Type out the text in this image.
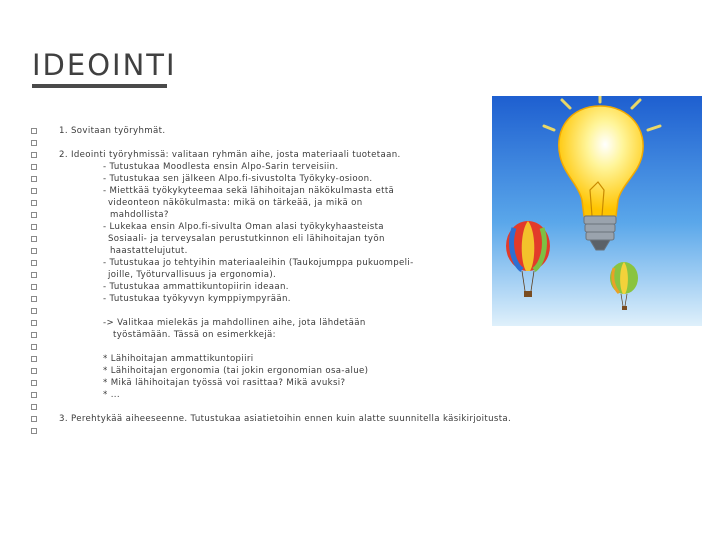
IDEOINTI
1. Sovitaan työryhmät.
2. Ideointi työryhmissä: valitaan ryhmän aihe, josta materiaali tuotetaan.
- Tutustukaa Moodlesta ensin Alpo-Sarin terveisiin.
- Tutustukaa sen jälkeen Alpo.fi-sivustolta Työkyky-osioon.
- Miettkää työkykyteemaa sekä lähihoitajan näkökulmasta että
videonteon näkökulmasta: mikä on tärkeää, ja mikä on
mahdollista?
- Lukekaa ensin Alpo.fi-sivulta Oman alasi työkykyhaasteista
Sosiaali- ja terveysalan perustutkinnon eli lähihoitajan työn
haastattelujutut.
- Tutustukaa jo tehtyihin materiaaleihin (Taukojumppa pukuompeli-
joille, Työturvallisuus ja ergonomia).
- Tutustukaa ammattikuntopiirin ideaan.
- Tutustukaa työkyvyn kymppiympyrään.
-> Valitkaa mielekäs ja mahdollinen aihe, jota lähdetään
työstämään. Tässä on esimerkkejä:
* Lähihoitajan ammattikuntopiiri
* Lähihoitajan ergonomia (tai jokin ergonomian osa-alue)
* Mikä lähihoitajan työssä voi rasittaa? Mikä avuksi?
* ...
3. Perehtykää aiheeseenne. Tutustukaa asiatietoihin ennen kuin alatte suunnitella käsikirjoitusta.
